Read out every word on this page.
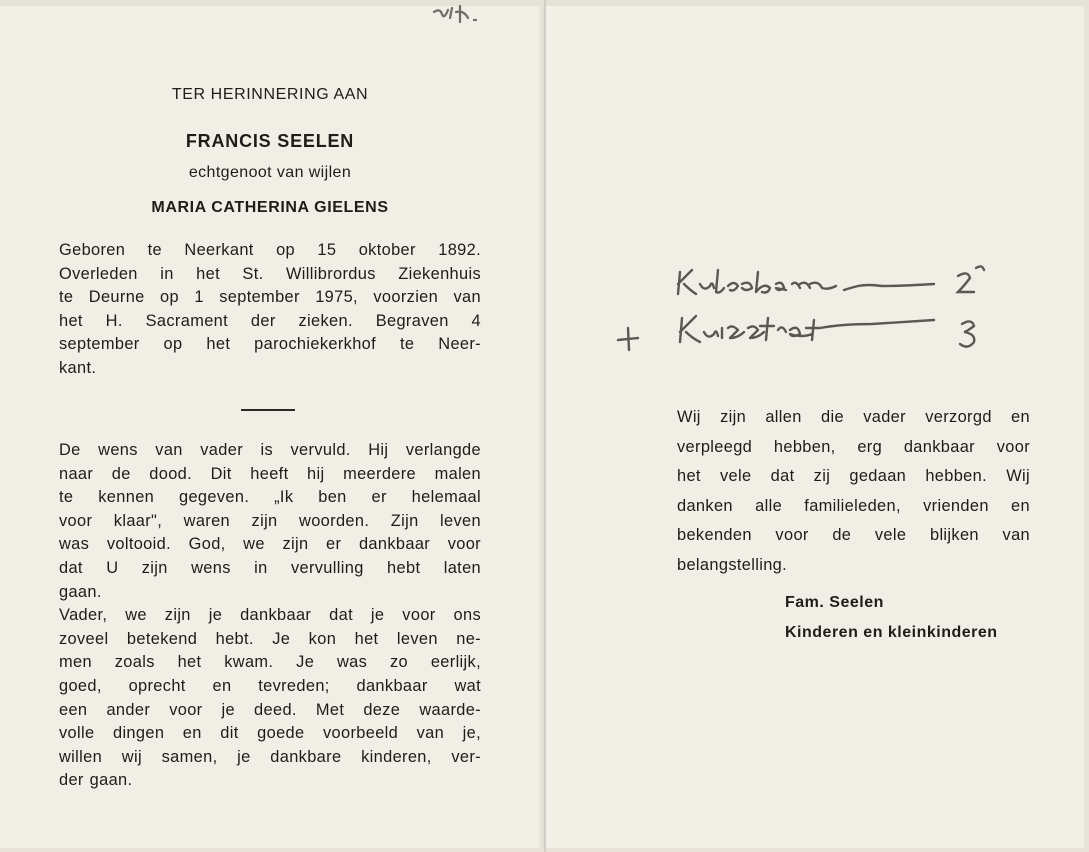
TER HERINNERING AAN
FRANCIS SEELEN
echtgenoot van wijlen
MARIA CATHERINA GIELENS
Geboren te Neerkant op 15 oktober 1892.
Overleden in het St. Willibrordus Ziekenhuis
te Deurne op 1 september 1975, voorzien van
het H. Sacrament der zieken. Begraven 4
september op het parochiekerkhof te Neer-
kant.
De wens van vader is vervuld. Hij verlangde
naar de dood. Dit heeft hij meerdere malen
te kennen gegeven. „Ik ben er helemaal
voor klaar", waren zijn woorden. Zijn leven
was voltooid. God, we zijn er dankbaar voor
dat U zijn wens in vervulling hebt laten
gaan.
Vader, we zijn je dankbaar dat je voor ons
zoveel betekend hebt. Je kon het leven ne-
men zoals het kwam. Je was zo eerlijk,
goed, oprecht en tevreden; dankbaar wat
een ander voor je deed. Met deze waarde-
volle dingen en dit goede voorbeeld van je,
willen wij samen, je dankbare kinderen, ver-
der gaan.
Wij zijn allen die vader verzorgd en
verpleegd hebben, erg dankbaar voor
het vele dat zij gedaan hebben. Wij
danken alle familieleden, vrienden en
bekenden voor de vele blijken van
belangstelling.
Fam. Seelen
Kinderen en kleinkinderen
